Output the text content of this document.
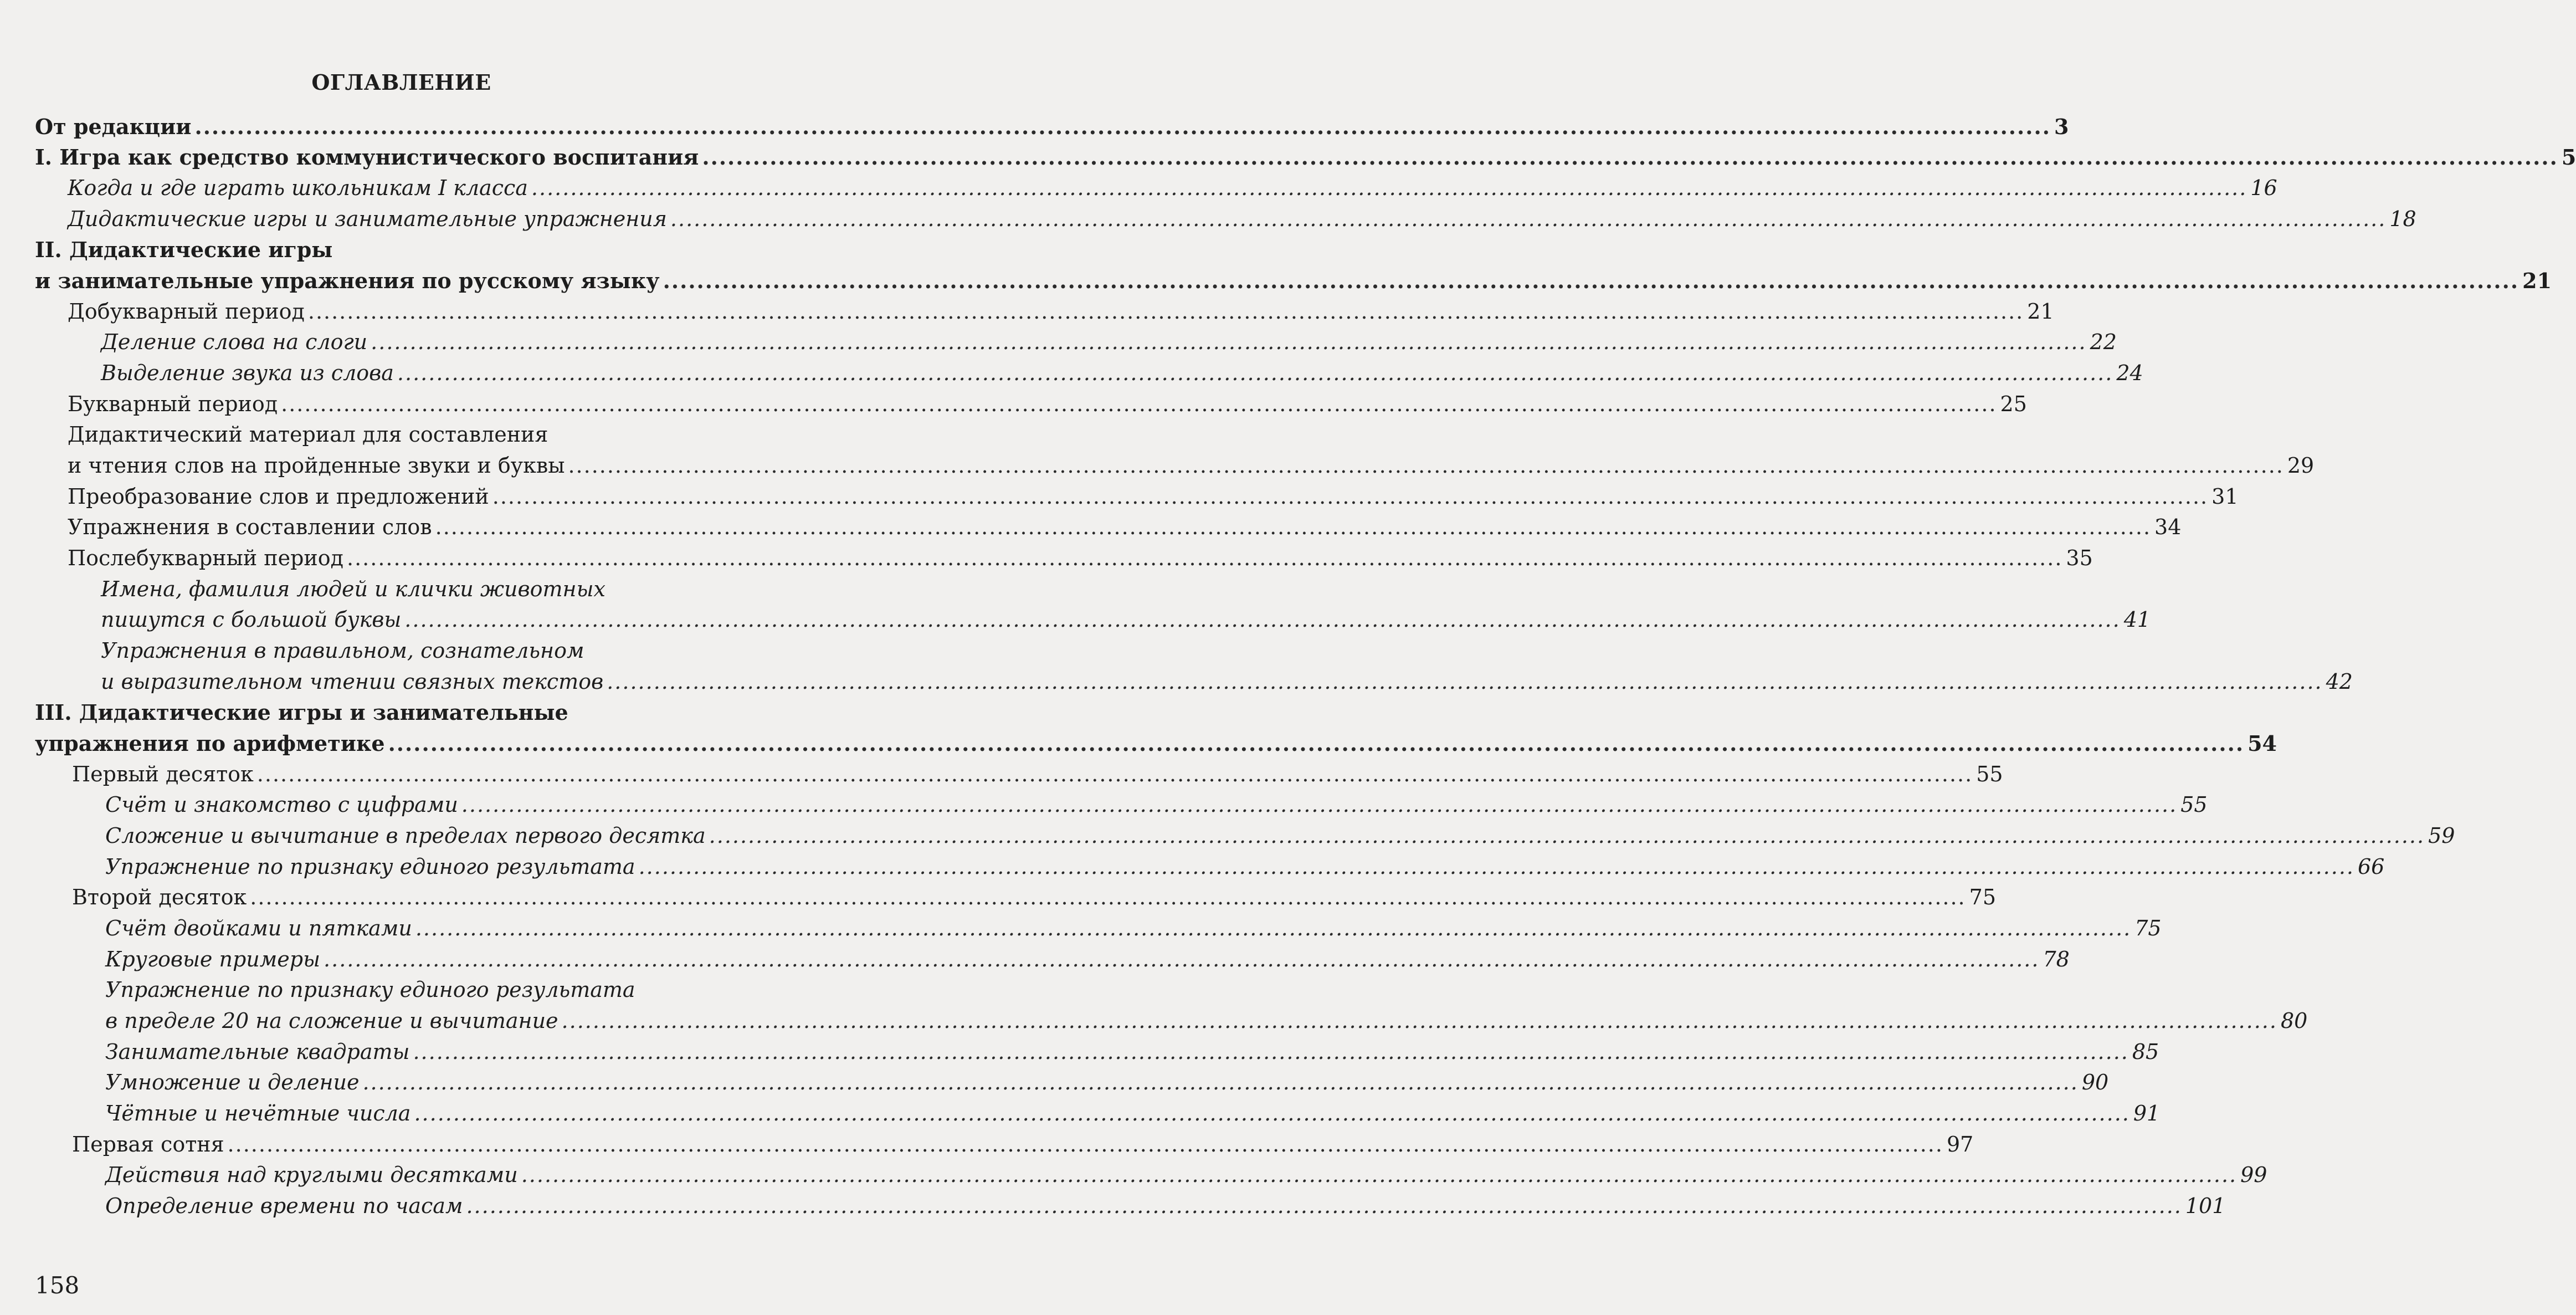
ОГЛАВЛЕНИЕ
От редакции ............................................................................................................................................................................................................................ 3
I. Игра как средство коммунистического воспитания ............................................................................................................................................................................................................................ 5
Когда и где играть школьникам I класса ............................................................................................................................................................................................................................ 16
Дидактические игры и занимательные упражнения ............................................................................................................................................................................................................................ 18
II. Дидактические игры
и занимательные упражнения по русскому языку ............................................................................................................................................................................................................................ 21
Добукварный период ............................................................................................................................................................................................................................ 21
Деление слова на слоги ............................................................................................................................................................................................................................ 22
Выделение звука из слова ............................................................................................................................................................................................................................ 24
Букварный период ............................................................................................................................................................................................................................ 25
Дидактический материал для составления
и чтения слов на пройденные звуки и буквы ............................................................................................................................................................................................................................ 29
Преобразование слов и предложений ............................................................................................................................................................................................................................ 31
Упражнения в составлении слов ............................................................................................................................................................................................................................ 34
Послебукварный период ............................................................................................................................................................................................................................ 35
Имена, фамилия людей и клички животных
пишутся с большой буквы ............................................................................................................................................................................................................................ 41
Упражнения в правильном, сознательном
и выразительном чтении связных текстов ............................................................................................................................................................................................................................ 42
III. Дидактические игры и занимательные
упражнения по арифметике ............................................................................................................................................................................................................................ 54
Первый десяток ............................................................................................................................................................................................................................ 55
Счёт и знакомство с цифрами ............................................................................................................................................................................................................................ 55
Сложение и вычитание в пределах первого десятка ............................................................................................................................................................................................................................ 59
Упражнение по признаку единого результата ............................................................................................................................................................................................................................ 66
Второй десяток ............................................................................................................................................................................................................................ 75
Счёт двойками и пятками ............................................................................................................................................................................................................................ 75
Круговые примеры ............................................................................................................................................................................................................................ 78
Упражнение по признаку единого результата
в пределе 20 на сложение и вычитание ............................................................................................................................................................................................................................ 80
Занимательные квадраты ............................................................................................................................................................................................................................ 85
Умножение и деление ............................................................................................................................................................................................................................ 90
Чётные и нечётные числа ............................................................................................................................................................................................................................ 91
Первая сотня ............................................................................................................................................................................................................................ 97
Действия над круглыми десятками ............................................................................................................................................................................................................................ 99
Определение времени по часам ............................................................................................................................................................................................................................ 101
158
